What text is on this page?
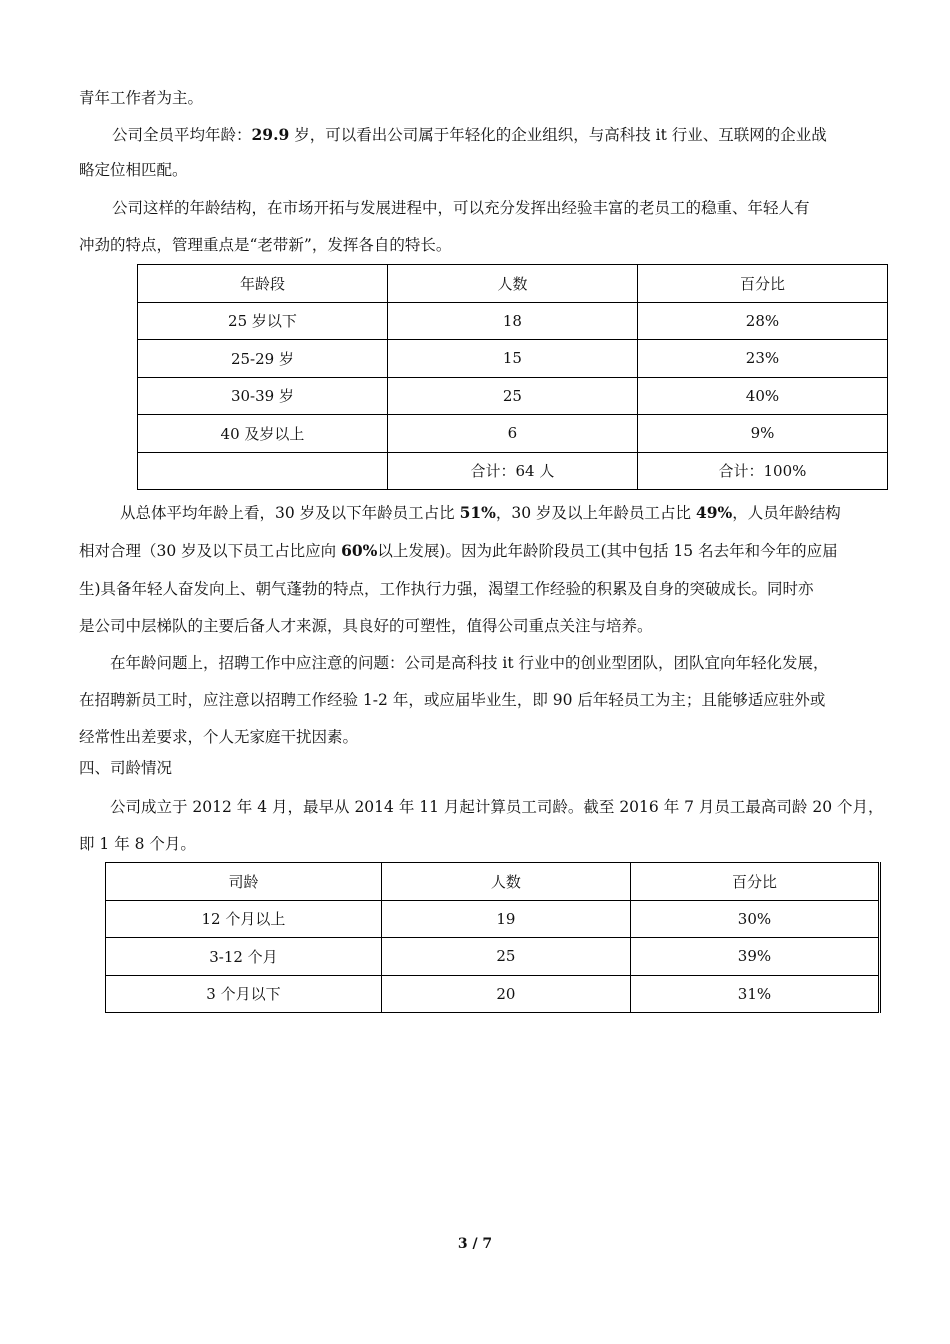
青年工作者为主。
公司全员平均年龄：29.9 岁，可以看出公司属于年轻化的企业组织，与高科技 it 行业、互联网的企业战
略定位相匹配。
公司这样的年龄结构，在市场开拓与发展进程中，可以充分发挥出经验丰富的老员工的稳重、年轻人有
冲劲的特点，管理重点是“老带新”，发挥各自的特长。
年龄段	人数	百分比
25 岁以下	18	28%
25-29 岁	15	23%
30-39 岁	25	40%
40 及岁以上	6	9%
	合计：64 人	合计：100%
从总体平均年龄上看，30 岁及以下年龄员工占比 51%，30 岁及以上年龄员工占比 49%，人员年龄结构
相对合理（30 岁及以下员工占比应向 60%以上发展)。因为此年龄阶段员工(其中包括 15 名去年和今年的应届
生)具备年轻人奋发向上、朝气蓬勃的特点，工作执行力强，渴望工作经验的积累及自身的突破成长。同时亦
是公司中层梯队的主要后备人才来源，具良好的可塑性，值得公司重点关注与培养。
在年龄问题上，招聘工作中应注意的问题：公司是高科技 it 行业中的创业型团队，团队宜向年轻化发展，
在招聘新员工时，应注意以招聘工作经验 1-2 年，或应届毕业生，即 90 后年轻员工为主；且能够适应驻外或
经常性出差要求，个人无家庭干扰因素。
四、司龄情况
公司成立于 2012 年 4 月，最早从 2014 年 11 月起计算员工司龄。截至 2016 年 7 月员工最高司龄 20 个月，
即 1 年 8 个月。
司龄	人数	百分比
12 个月以上	19	30%
3-12 个月	25	39%
3 个月以下	20	31%
3 / 7
